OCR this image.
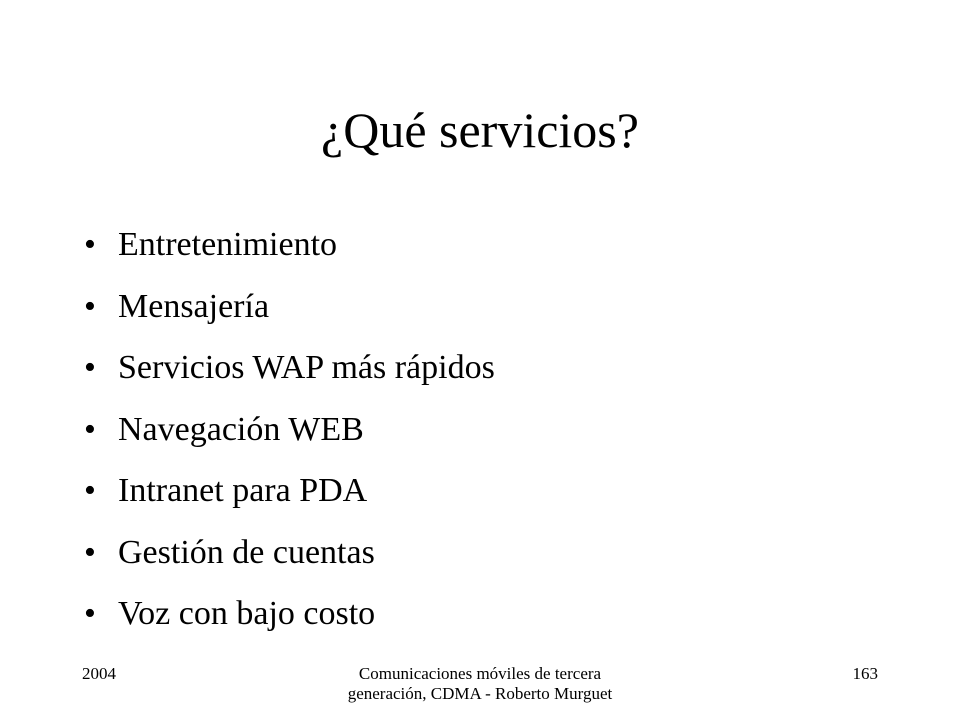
¿Qué servicios?
• Entretenimiento
• Mensajería
• Servicios WAP más rápidos
• Navegación WEB
• Intranet para PDA
• Gestión de cuentas
• Voz con bajo costo
2004	Comunicaciones móviles de tercera generación, CDMA - Roberto Murguet
163
